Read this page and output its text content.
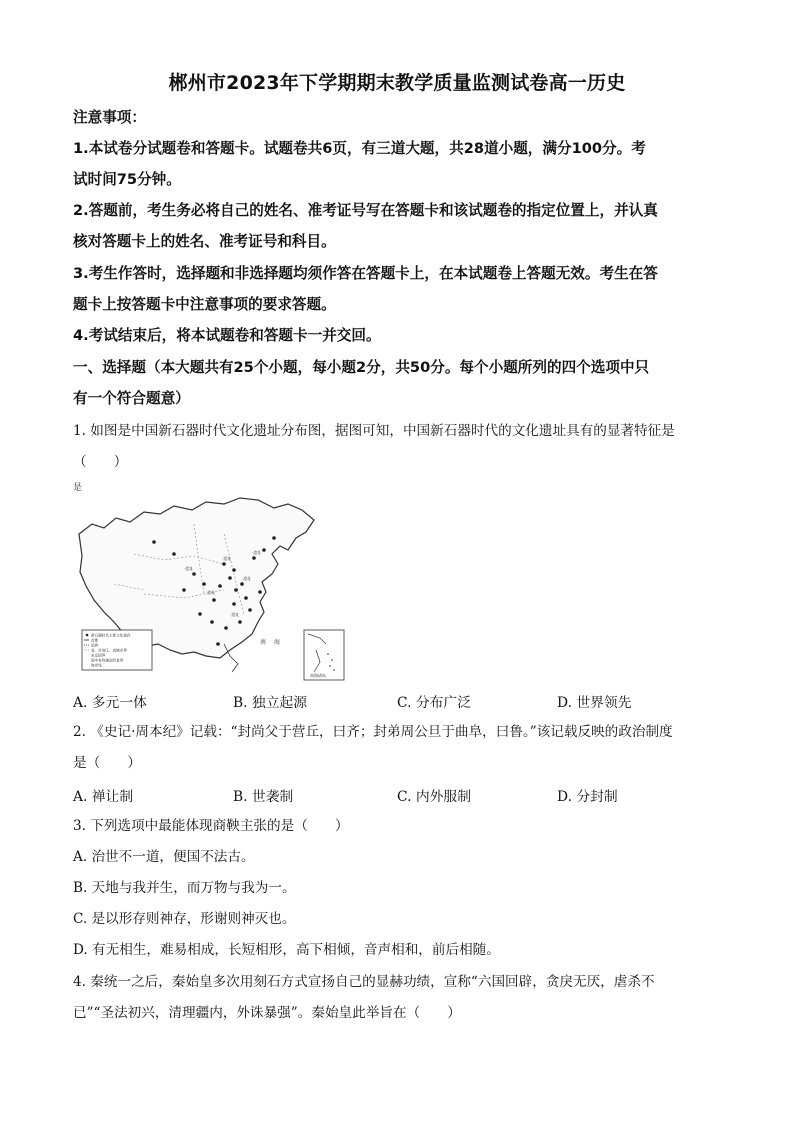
郴州市2023年下学期期末教学质量监测试卷高一历史
注意事项：
1.本试卷分试题卷和答题卡。试题卷共6页，有三道大题，共28道小题，满分100分。考
试时间75分钟。
2.答题前，考生务必将自己的姓名、准考证号写在答题卡和该试题卷的指定位置上，并认真
核对答题卡上的姓名、准考证号和科目。
3.考生作答时，选择题和非选择题均须作答在答题卡上，在本试题卷上答题无效。考生在答
题卡上按答题卡中注意事项的要求答题。
4.考试结束后，将本试题卷和答题卡一并交回。
一、选择题（本大题共有25个小题，每小题2分，共50分。每个小题所列的四个选项中只
有一个符合题意）
1. 如图是中国新石器时代文化遗址分布图，据图可知，中国新石器时代的文化遗址具有的显著特征是
（　　）
是
·遗址
·遗址
·遗址
·遗址
·遗址
·遗址
南 海
新石器时代主要文化遗存
首都
国界
省、自治区、直辖市界
未定国界
图中有待确定的省界
海岸线
南海诸岛
A. 多元一体	B. 独立起源	C. 分布广泛	D. 世界领先
2. 《史记·周本纪》记载：“封尚父于营丘，曰齐；封弟周公旦于曲阜，曰鲁。”该记载反映的政治制度
是（　　）
A. 禅让制	B. 世袭制	C. 内外服制	D. 分封制
3. 下列选项中最能体现商鞅主张的是（　　）
A. 治世不一道，便国不法古。
B. 天地与我并生，而万物与我为一。
C. 是以形存则神存，形谢则神灭也。
D. 有无相生，难易相成，长短相形，高下相倾，音声相和，前后相随。
4. 秦统一之后，秦始皇多次用刻石方式宣扬自己的显赫功绩，宣称“六国回辟，贪戾无厌，虐杀不
已”“圣法初兴，清理疆内，外诛暴强”。秦始皇此举旨在（　　）
